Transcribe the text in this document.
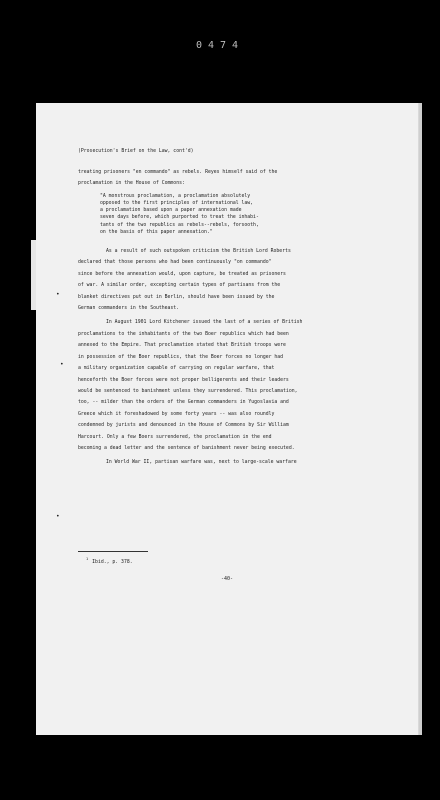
0474
•
•
•
(Prosecution's Brief on the Law, cont'd)
treating prisoners "en commando" as rebels. Reyes himself said of the
proclamation in the House of Commons:
"A monstrous proclamation, a proclamation absolutely
opposed to the first principles of international law,
a proclamation based upon a paper annexation made
seven days before, which purported to treat the inhabi-
tants of the two republics as rebels--rebels, forsooth,
on the basis of this paper annexation."
As a result of such outspoken criticism the British Lord Roberts
declared that those persons who had been continuously "on commando"
since before the annexation would, upon capture, be treated as prisoners
of war. A similar order, excepting certain types of partisans from the
blanket directives put out in Berlin, should have been issued by the
German commanders in the Southeast.
In August 1901 Lord Kitchener issued the last of a series of British
proclamations to the inhabitants of the two Boer republics which had been
annexed to the Empire. That proclamation stated that British troops were
in possession of the Boer republics, that the Boer forces no longer had
a military organization capable of carrying on regular warfare, that
henceforth the Boer forces were not proper belligerents and their leaders
would be sentenced to banishment unless they surrendered. This proclamation,
too, -- milder than the orders of the German commanders in Yugoslavia and
Greece which it foreshadowed by some forty years -- was also roundly
condemned by jurists and denounced in the House of Commons by Sir William
Harcourt. Only a few Boers surrendered, the proclamation in the end
becoming a dead letter and the sentence of banishment never being executed.
In World War II, partisan warfare was, next to large-scale warfare
$^1$Ibid., p. 378.
-40-
